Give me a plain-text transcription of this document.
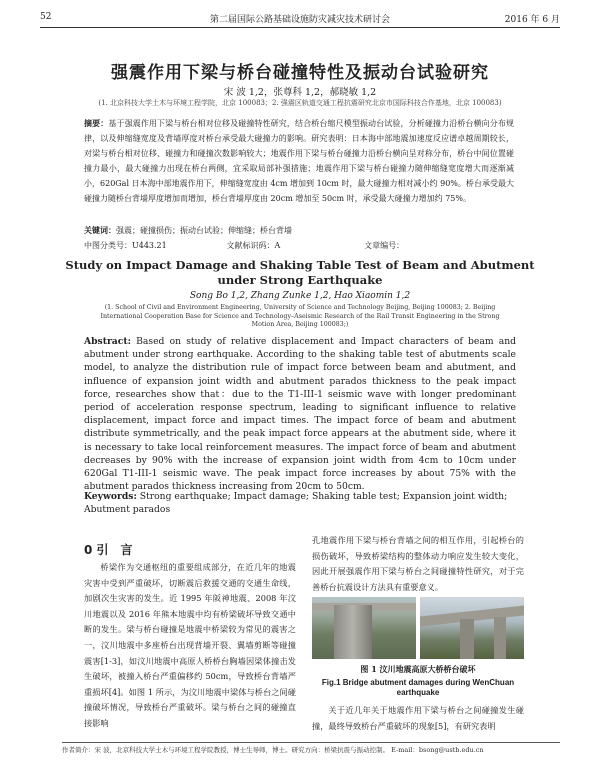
52	第二届国际公路基础设施防灾减灾技术研讨会	2016 年 6 月
强震作用下梁与桥台碰撞特性及振动台试验研究
宋 波 1,2，张尊科 1,2，郝晓敏 1,2
(1. 北京科技大学土木与环境工程学院，北京 100083；2. 强震区轨道交通工程抗震研究北京市国际科技合作基地，北京 100083)
摘要：基于强震作用下梁与桥台相对位移及碰撞特性研究，结合桥台缩尺模型振动台试验，分析碰撞力沿桥台横向分布规律，以及伸缩缝宽度及背墙厚度对桥台承受最大碰撞力的影响。研究表明：日本海中部地震加速度反应谱卓越周期较长，对梁与桥台相对位移、碰撞力和碰撞次数影响较大；地震作用下梁与桥台碰撞力沿桥台横向呈对称分布，桥台中间位置碰撞力最小，最大碰撞力出现在桥台两侧，宜采取局部补强措施；地震作用下梁与桥台碰撞力随伸缩缝宽度增大而逐渐减小，620Gal 日本海中部地震作用下，伸缩缝宽度由 4cm 增加到 10cm 时，最大碰撞力相对减小约 90%。桥台承受最大碰撞力随桥台背墙厚度增加而增加，桥台背墙厚度由 20cm 增加至 50cm 时，承受最大碰撞力增加约 75%。
关键词：强震；碰撞损伤；振动台试验；伸缩缝；桥台背墙
中图分类号：U443.21	文献标识码：A	文章编号：
Study on Impact Damage and Shaking Table Test of Beam and Abutment under Strong Earthquake
Song Bo 1,2, Zhang Zunke 1,2, Hao Xiaomin 1,2
(1. School of Civil and Environment Engineering, University of Science and Technology Beijing, Beijing 100083; 2. Beijing International Cooperation Base for Science and Technology–Aseismic Research of the Rail Transit Engineering in the Strong Motion Area, Beijing 100083;)
Abstract: Based on study of relative displacement and Impact characters of beam and abutment under strong earthquake. According to the shaking table test of abutments scale model, to analyze the distribution rule of impact force between beam and abutment, and influence of expansion joint width and abutment parados thickness to the peak impact force, researches show that：due to the T1-III-1 seismic wave with longer predominant period of acceleration response spectrum, leading to significant influence to relative displacement, impact force and impact times. The impact force of beam and abutment distribute symmetrically, and the peak impact force appears at the abutment side, where it is necessary to take local reinforcement measures. The impact force of beam and abutment decreases by 90% with the increase of expansion joint width from 4cm to 10cm under 620Gal T1-III-1 seismic wave. The peak impact force increases by about 75% with the abutment parados thickness increasing from 20cm to 50cm.
Keywords: Strong earthquake; Impact damage; Shaking table test; Expansion joint width; Abutment parados
0 引　言
桥梁作为交通枢纽的重要组成部分，在近几年的地震灾害中受到严重破坏，切断震后救援交通的交通生命线，加剧次生灾害的发生。近 1995 年阪神地震、2008 年汶川地震以及 2016 年熊本地震中均有桥梁破坏导致交通中断的发生。梁与桥台碰撞是地震中桥梁较为常见的震害之一，汶川地震中多座桥台出现背墙开裂、翼墙剪断等碰撞震害[1-3]，如汶川地震中高原人桥桥台胸墙因梁体撞击发生破坏，被撞入桥台严重偏移约 50cm，导致桥台背墙严重损坏[4]。如图 1 所示，为汶川地震中梁体与桥台之间碰撞破坏情况，导致桥台严重破坏。梁与桥台之间的碰撞直接影响
孔地震作用下梁与桥台背墙之间的相互作用，引起桥台的损伤破坏，导致桥梁结构的整体动力响应发生较大变化，因此开展强震作用下梁与桥台之间碰撞特性研究，对于完善桥台抗震设计方法具有重要意义。
图 1 汶川地震高原大桥桥台破坏
Fig.1 Bridge abutment damages during WenChuan earthquake
关于近几年关于地震作用下梁与桥台之间碰撞发生碰撞，最终导致桥台严重破坏的现象[5]，有研究表明
作者简介：宋 波，北京科技大学土木与环境工程学院教授，博士生导师，博士。研究方向：桥梁抗震与振动控制。 E-mail：bsong@ustb.edu.cn
